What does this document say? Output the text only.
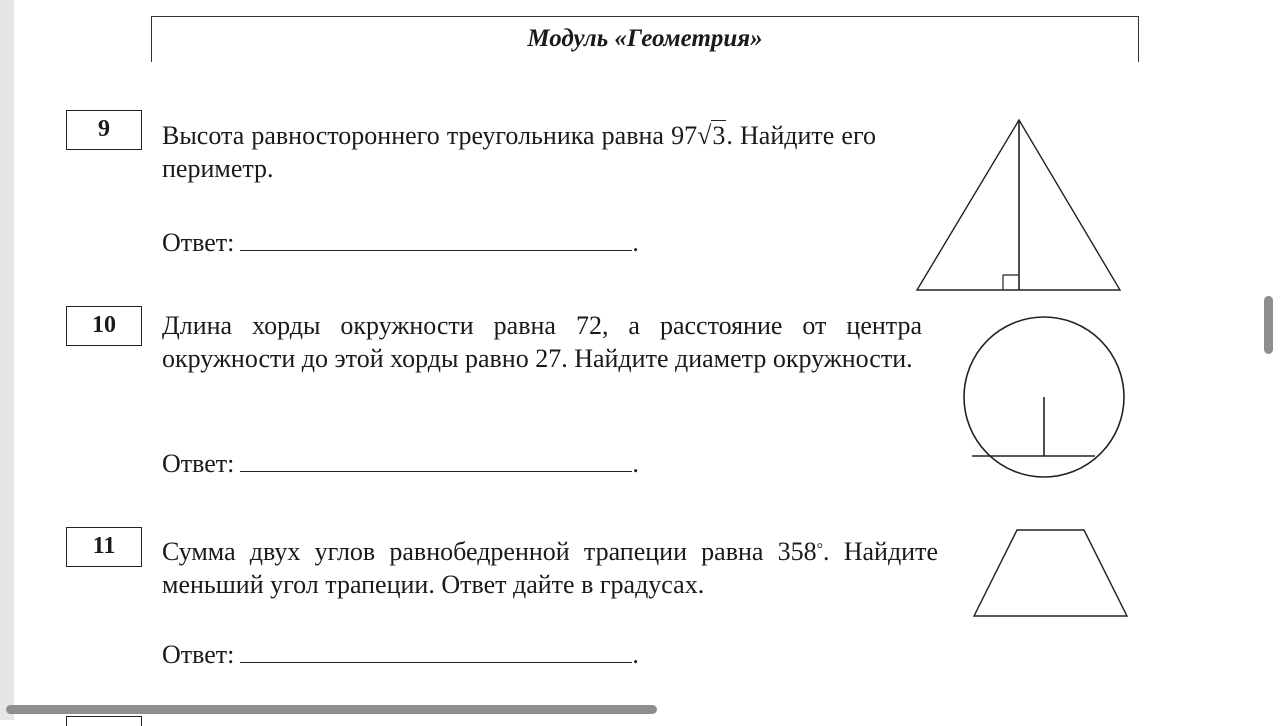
Модуль «Геометрия»
9	Высота равностороннего треугольника равна 97√3. Найдите его периметр.
Ответ:	.
10	Длина хорды окружности равна 72, а расстояние от центра окружности до этой хорды равно 27. Найдите диаметр окружности.
Ответ:	.
11	Сумма двух углов равнобедренной трапеции равна 358°. Найдите меньший угол трапеции. Ответ дайте в градусах.
Ответ:	.
